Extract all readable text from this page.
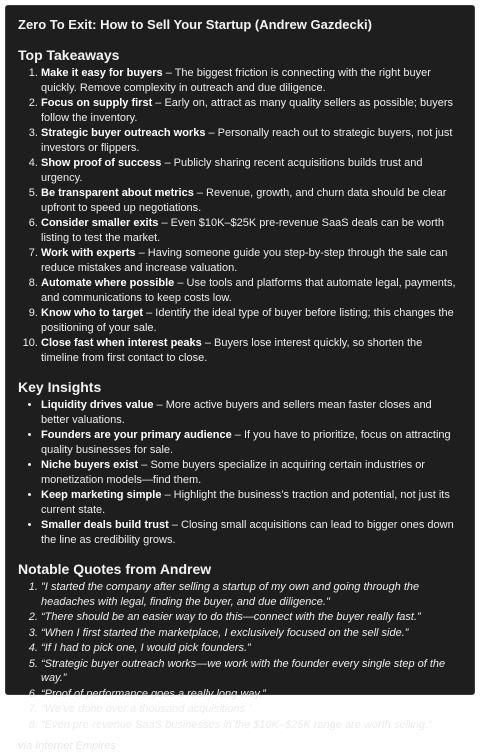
Zero To Exit: How to Sell Your Startup (Andrew Gazdecki)
Top Takeaways
1. Make it easy for buyers – The biggest friction is connecting with the right buyer quickly. Remove complexity in outreach and due diligence.
2. Focus on supply first – Early on, attract as many quality sellers as possible; buyers follow the inventory.
3. Strategic buyer outreach works – Personally reach out to strategic buyers, not just investors or flippers.
4. Show proof of success – Publicly sharing recent acquisitions builds trust and urgency.
5. Be transparent about metrics – Revenue, growth, and churn data should be clear upfront to speed up negotiations.
6. Consider smaller exits – Even $10K–$25K pre-revenue SaaS deals can be worth listing to test the market.
7. Work with experts – Having someone guide you step-by-step through the sale can reduce mistakes and increase valuation.
8. Automate where possible – Use tools and platforms that automate legal, payments, and communications to keep costs low.
9. Know who to target – Identify the ideal type of buyer before listing; this changes the positioning of your sale.
10. Close fast when interest peaks – Buyers lose interest quickly, so shorten the timeline from first contact to close.
Key Insights
• Liquidity drives value – More active buyers and sellers mean faster closes and better valuations.
• Founders are your primary audience – If you have to prioritize, focus on attracting quality businesses for sale.
• Niche buyers exist – Some buyers specialize in acquiring certain industries or monetization models—find them.
• Keep marketing simple – Highlight the business’s traction and potential, not just its current state.
• Smaller deals build trust – Closing small acquisitions can lead to bigger ones down the line as credibility grows.
Notable Quotes from Andrew
1. "I started the company after selling a startup of my own and going through the headaches with legal, finding the buyer, and due diligence."
2. “There should be an easier way to do this—connect with the buyer really fast.”
3. “When I first started the marketplace, I exclusively focused on the sell side.”
4. “If I had to pick one, I would pick founders.”
5. “Strategic buyer outreach works—we work with the founder every single step of the way.”
6. “Proof of performance goes a really long way.”
7. “We’ve done over a thousand acquisitions.”
8. “Even pre-revenue SaaS businesses in the $10K–$25K range are worth selling.”
via Internet Empires
